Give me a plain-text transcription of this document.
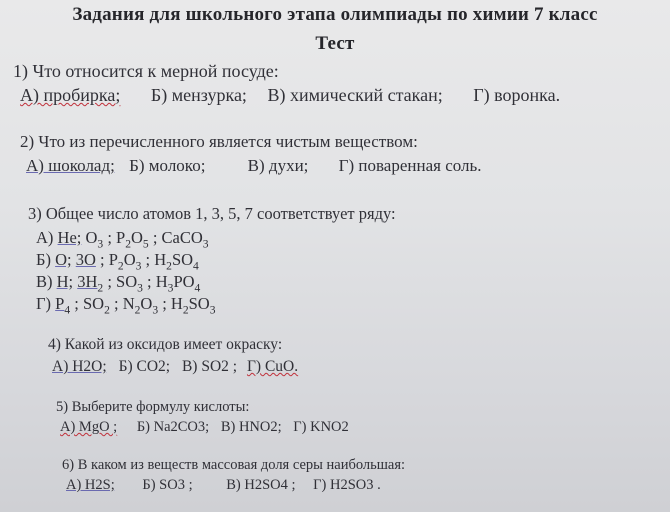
Задания для школьного этапа олимпиады по химии 7 класс
Тест
1) Что относится к мерной посуде:
А) пробирка; Б) мензурка; В) химический стакан; Г) воронка.
2) Что из перечисленного является чистым веществом:
А) шоколад; Б) молоко; В) духи; Г) поваренная соль.
3) Общее число атомов 1, 3, 5, 7 соответствует ряду:
А) He; $O_3$ ; $P_2O_5$ ; CaCO$_3$
Б) O; 3O ; $P_2O_3$ ; $H_2SO_4$
В) H; $3H_2$ ; $SO_3$ ; $H_3PO_4$
Г) $P_4$ ; $SO_2$ ; $N_2O_3$ ; $H_2SO_3$
4) Какой из оксидов имеет окраску:
А) H2O; Б) CO2; В) SO2 ; Г) CuO.
5) Выберите формулу кислоты:
А) MgO ; Б) Na2CO3; В) HNO2; Г) KNO2
6) В каком из веществ массовая доля серы наибольшая:
А) H2S; Б) SO3 ; В) H2SO4 ; Г) H2SO3 .
